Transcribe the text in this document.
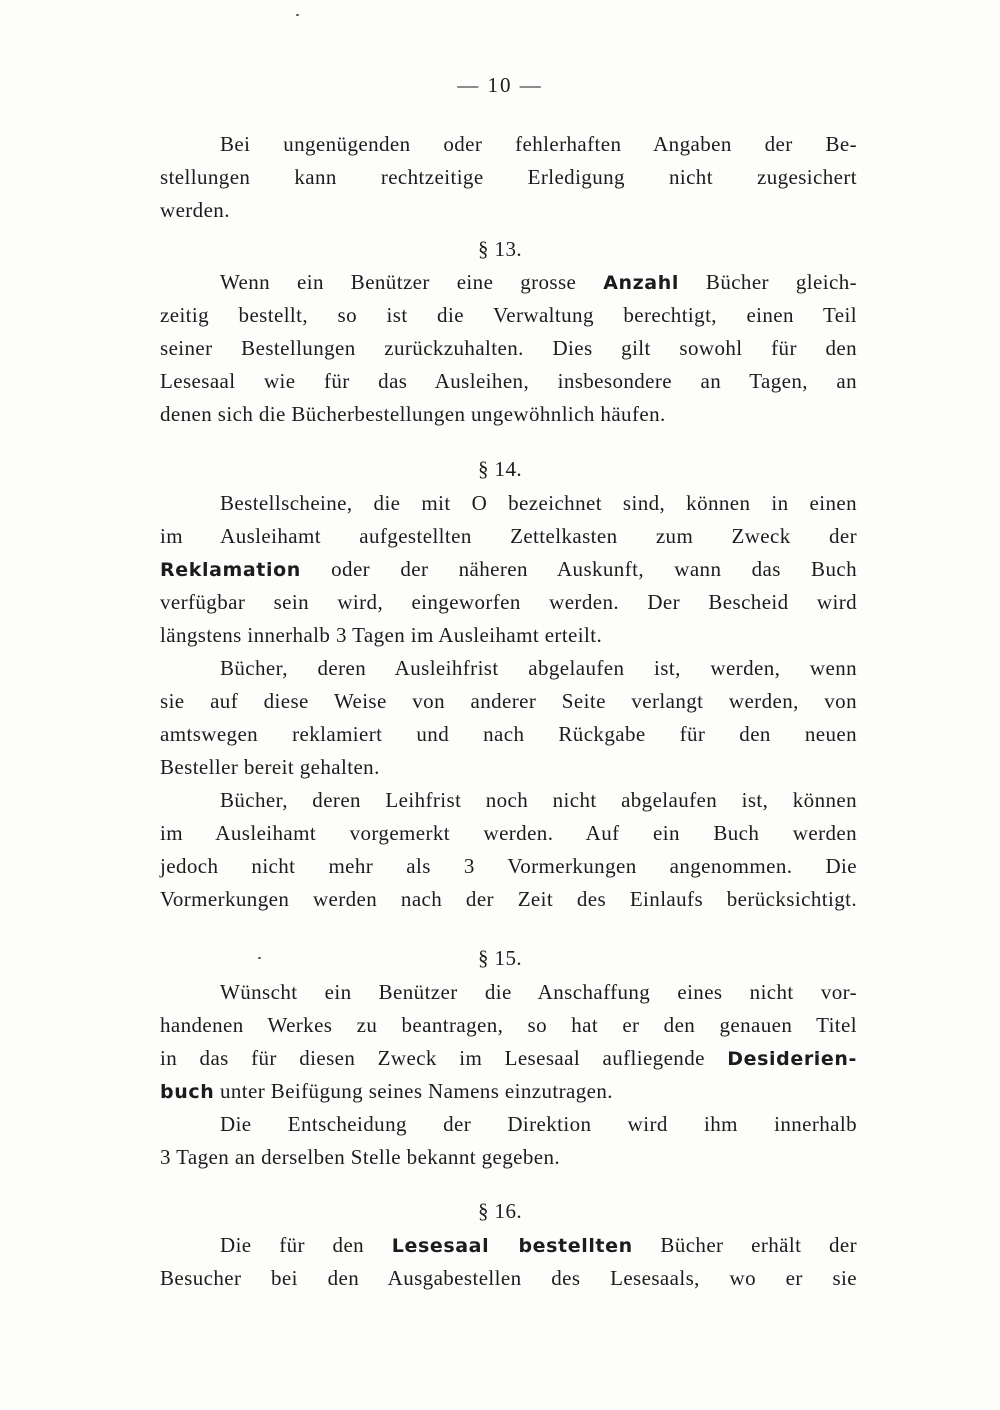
— 10 —
Bei ungenügenden oder fehlerhaften Angaben der Be-
stellungen kann rechtzeitige Erledigung nicht zugesichert
werden.
§ 13.
Wenn ein Benützer eine grosse Anzahl Bücher gleich-
zeitig bestellt, so ist die Verwaltung berechtigt, einen Teil
seiner Bestellungen zurückzuhalten. Dies gilt sowohl für den
Lesesaal wie für das Ausleihen, insbesondere an Tagen, an
denen sich die Bücherbestellungen ungewöhnlich häufen.
§ 14.
Bestellscheine, die mit O bezeichnet sind, können in einen
im Ausleihamt aufgestellten Zettelkasten zum Zweck der
Reklamation oder der näheren Auskunft, wann das Buch
verfügbar sein wird, eingeworfen werden. Der Bescheid wird
längstens innerhalb 3 Tagen im Ausleihamt erteilt.
Bücher, deren Ausleihfrist abgelaufen ist, werden, wenn
sie auf diese Weise von anderer Seite verlangt werden, von
amtswegen reklamiert und nach Rückgabe für den neuen
Besteller bereit gehalten.
Bücher, deren Leihfrist noch nicht abgelaufen ist, können
im Ausleihamt vorgemerkt werden. Auf ein Buch werden
jedoch nicht mehr als 3 Vormerkungen angenommen. Die
Vormerkungen werden nach der Zeit des Einlaufs berücksichtigt.
§ 15.
Wünscht ein Benützer die Anschaffung eines nicht vor-
handenen Werkes zu beantragen, so hat er den genauen Titel
in das für diesen Zweck im Lesesaal aufliegende Desiderien-
buch unter Beifügung seines Namens einzutragen.
Die Entscheidung der Direktion wird ihm innerhalb
3 Tagen an derselben Stelle bekannt gegeben.
§ 16.
Die für den Lesesaal bestellten Bücher erhält der
Besucher bei den Ausgabestellen des Lesesaals, wo er sie
